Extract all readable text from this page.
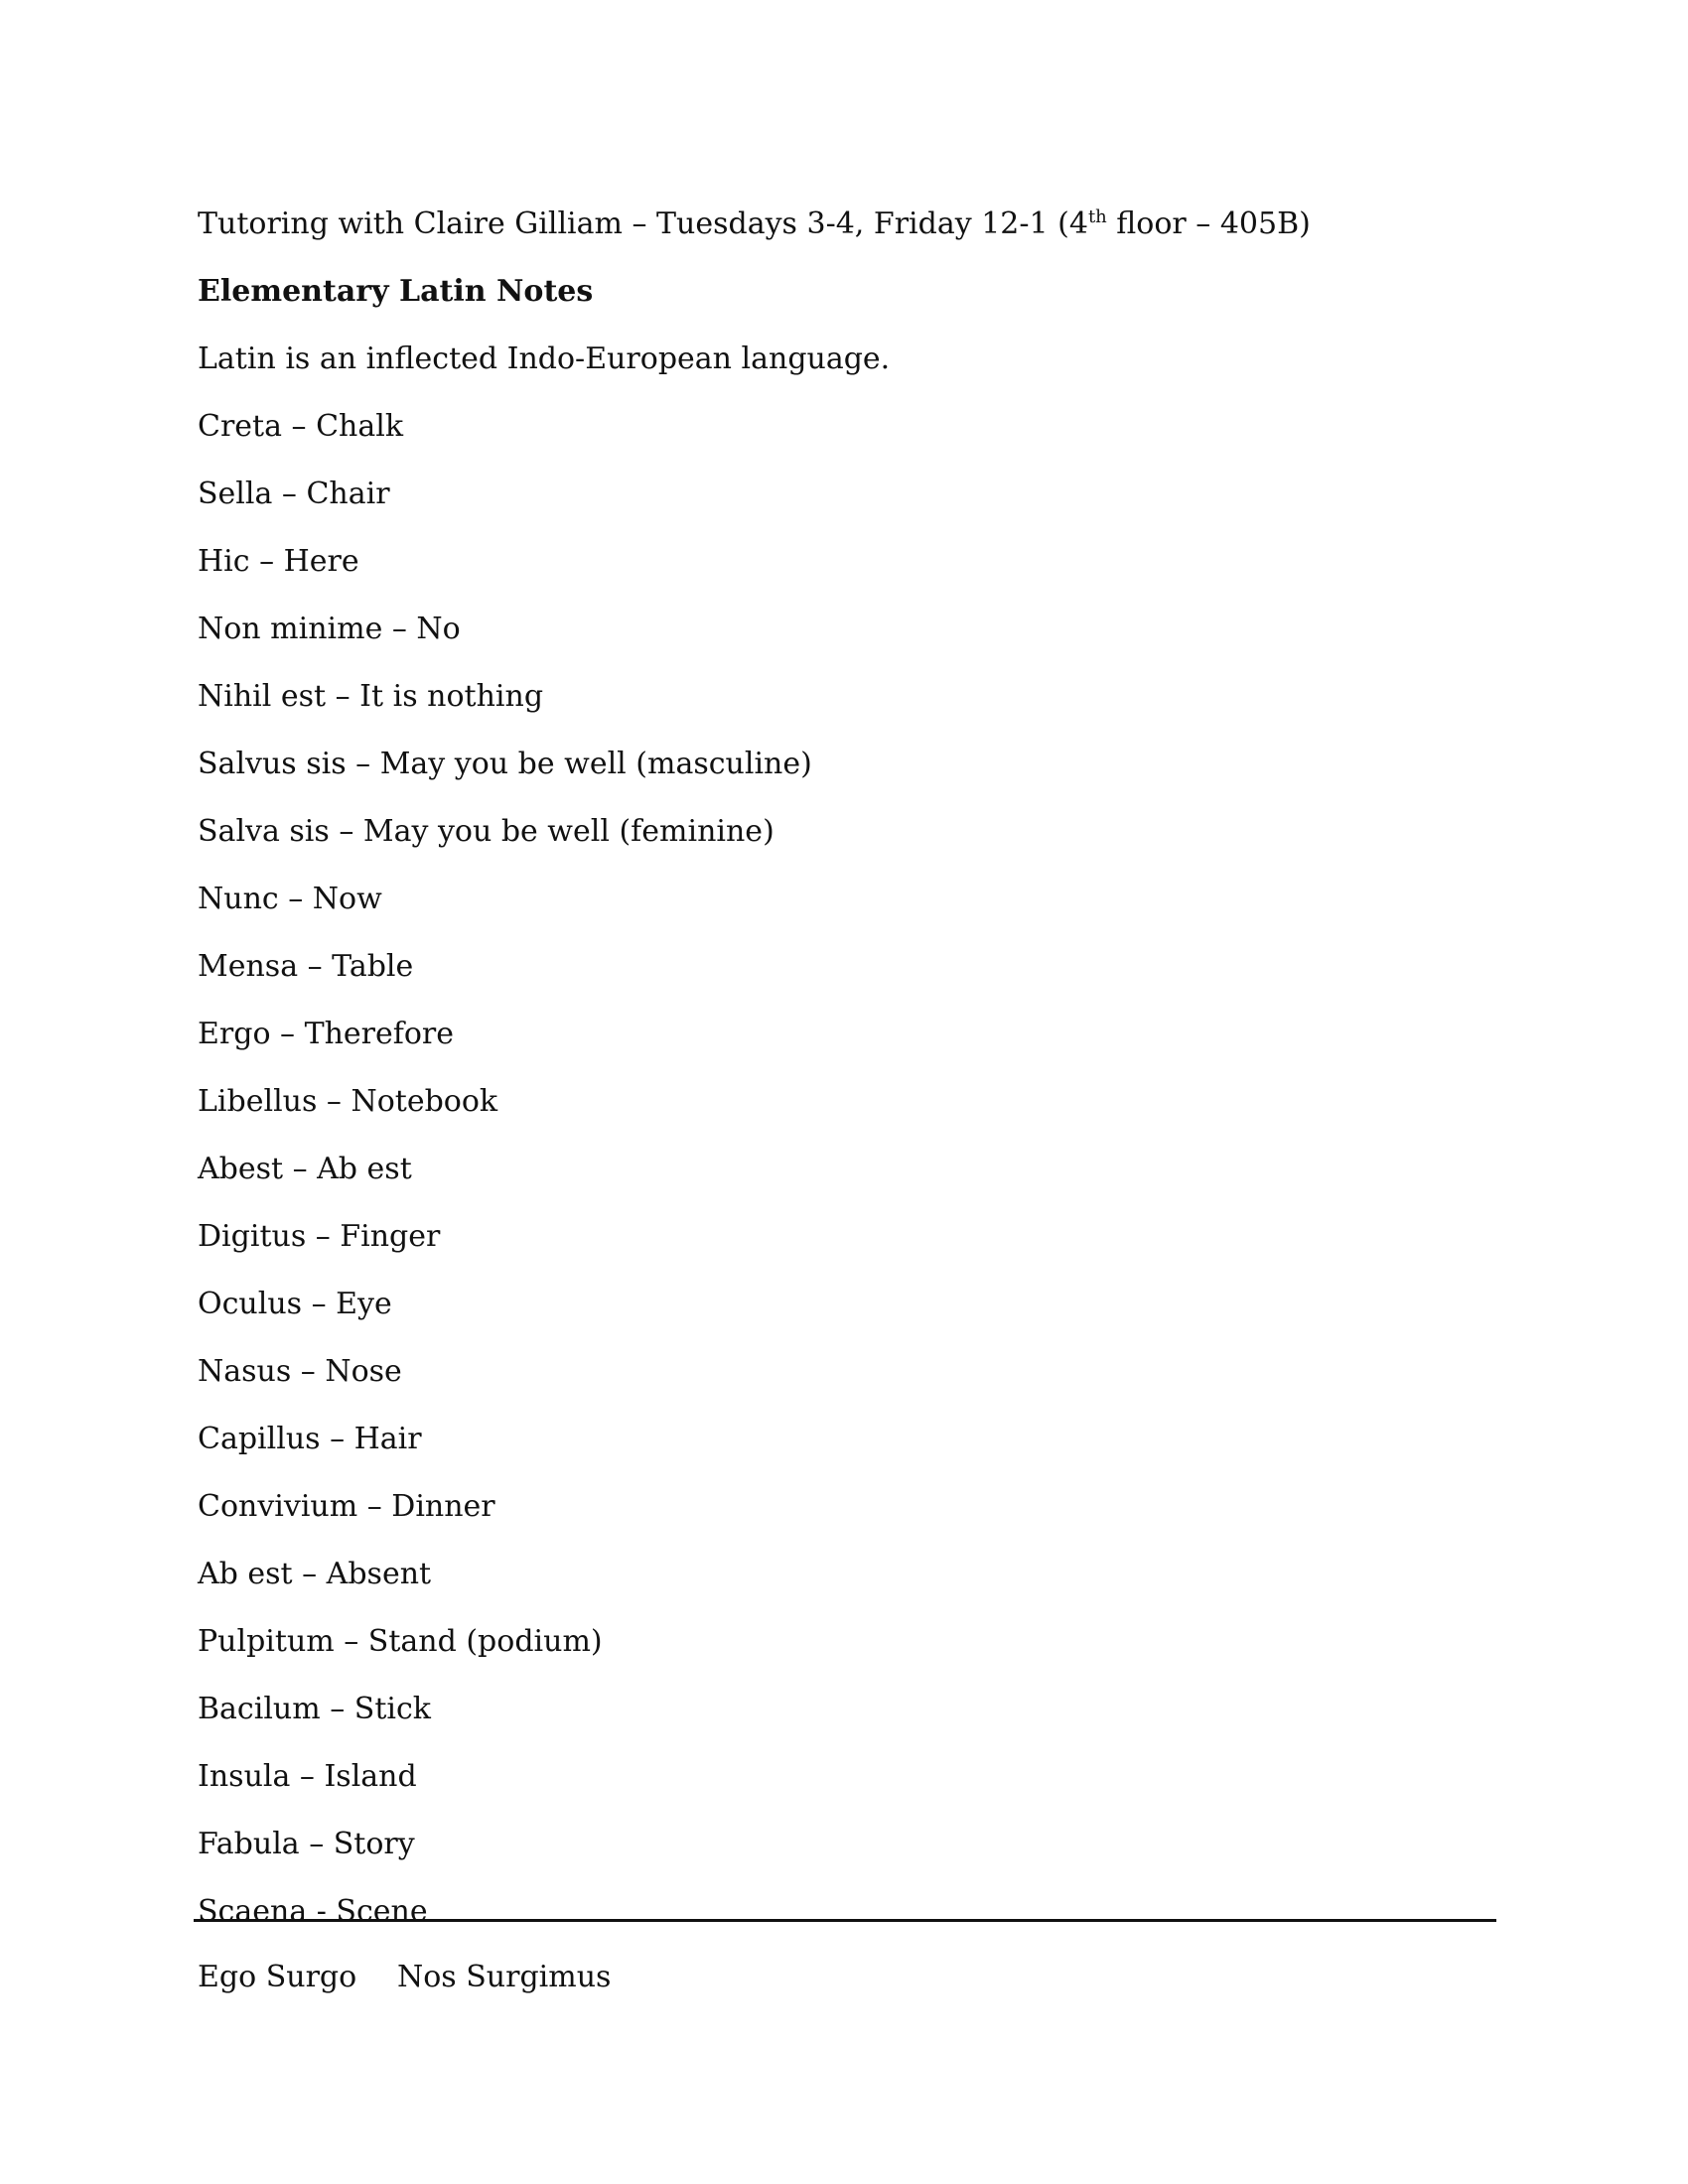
Tutoring with Claire Gilliam – Tuesdays 3-4, Friday 12-1 (4th floor – 405B)
Elementary Latin Notes
Latin is an inflected Indo-European language.
Creta – Chalk
Sella – Chair
Hic – Here
Non minime – No
Nihil est – It is nothing
Salvus sis – May you be well (masculine)
Salva sis – May you be well (feminine)
Nunc – Now
Mensa – Table
Ergo – Therefore
Libellus – Notebook
Abest – Ab est
Digitus – Finger
Oculus – Eye
Nasus – Nose
Capillus – Hair
Convivium – Dinner
Ab est – Absent
Pulpitum – Stand (podium)
Bacilum – Stick
Insula – Island
Fabula – Story
Scaena - Scene
Ego Surgo Nos Surgimus
